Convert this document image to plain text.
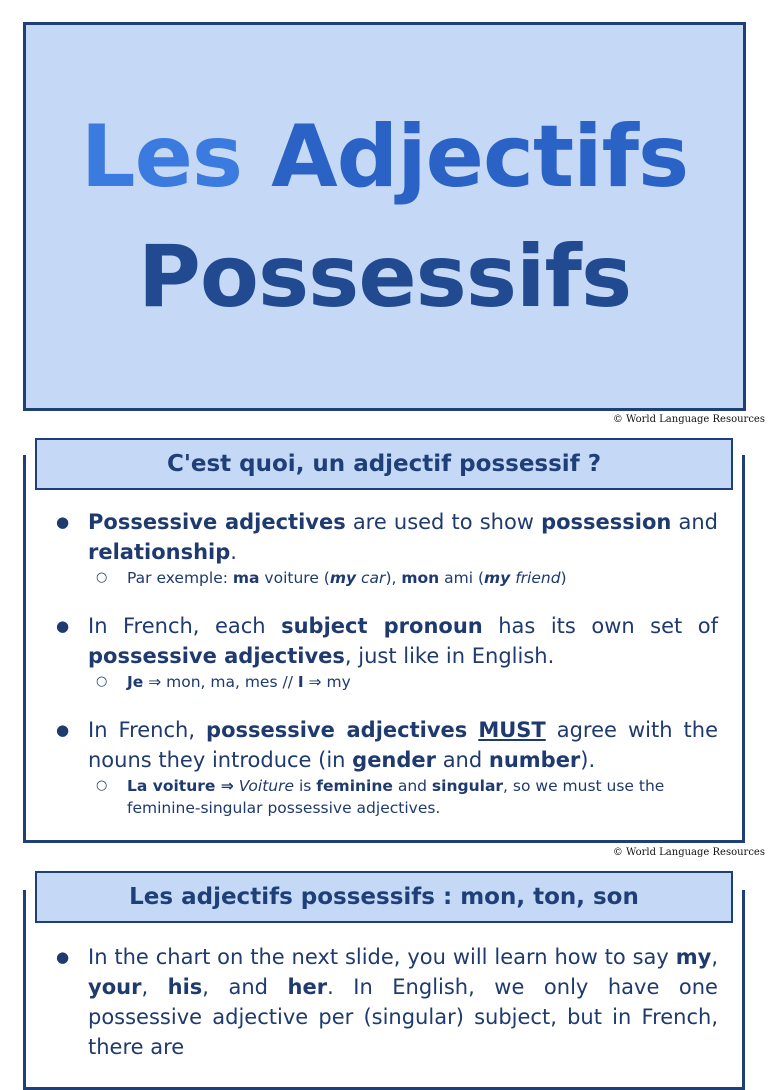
Les Adjectifs
Possessifs
© World Language Resources
● Possessive adjectives are used to show possession and relationship.
○ Par exemple: ma voiture (my car), mon ami (my friend)
● In French, each subject pronoun has its own set of possessive adjectives, just like in English.
○ Je ⇒ mon, ma, mes // I ⇒ my
● In French, possessive adjectives MUST agree with the nouns they introduce (in gender and number).
○ La voiture ⇒ Voiture is feminine and singular, so we must use the feminine-singular possessive adjectives.
C'est quoi, un adjectif possessif ?
© World Language Resources
● In the chart on the next slide, you will learn how to say my, your, his, and her. In English, we only have one possessive adjective per (singular) subject, but in French, there are
Les adjectifs possessifs : mon, ton, son
